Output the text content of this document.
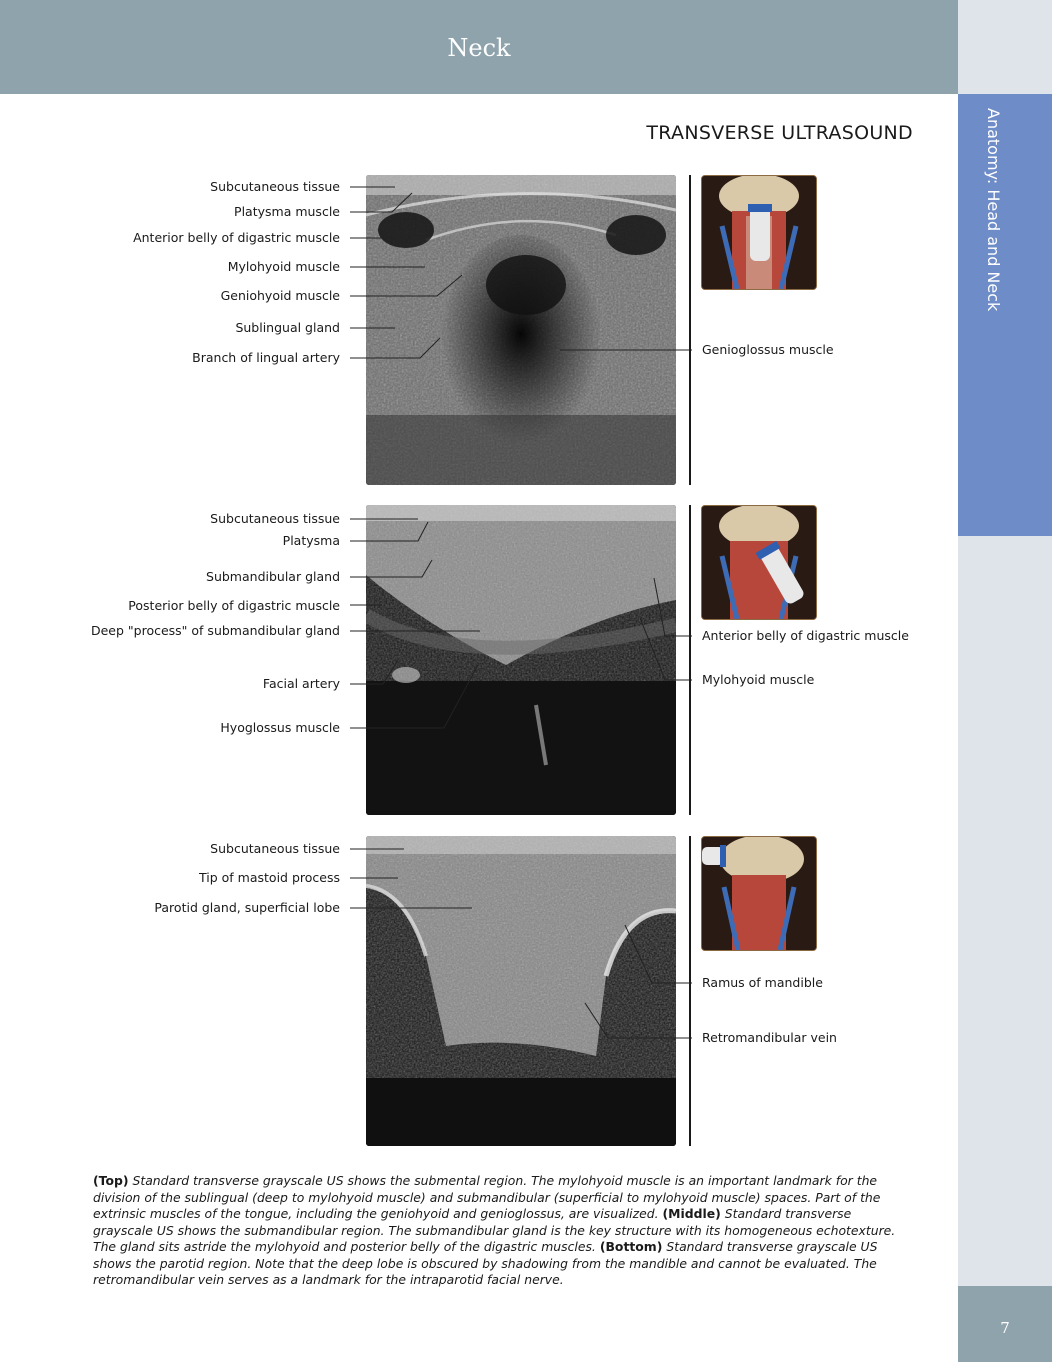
Neck
Anatomy: Head and Neck
7
TRANSVERSE ULTRASOUND
Subcutaneous tissue
Platysma muscle
Anterior belly of digastric muscle
Mylohyoid muscle
Geniohyoid muscle
Sublingual gland
Branch of lingual artery
Genioglossus muscle
Subcutaneous tissue
Platysma
Submandibular gland
Posterior belly of digastric muscle
Deep "process" of submandibular gland
Facial artery
Hyoglossus muscle
Anterior belly of digastric muscle
Mylohyoid muscle
Subcutaneous tissue
Tip of mastoid process
Parotid gland, superficial lobe
Ramus of mandible
Retromandibular vein
(Top) Standard transverse grayscale US shows the submental region. The mylohyoid muscle is an important landmark for the division of the sublingual (deep to mylohyoid muscle) and submandibular (superficial to mylohyoid muscle) spaces. Part of the extrinsic muscles of the tongue, including the geniohyoid and genioglossus, are visualized. (Middle) Standard transverse grayscale US shows the submandibular region. The submandibular gland is the key structure with its homogeneous echotexture. The gland sits astride the mylohyoid and posterior belly of the digastric muscles. (Bottom) Standard transverse grayscale US shows the parotid region. Note that the deep lobe is obscured by shadowing from the mandible and cannot be evaluated. The retromandibular vein serves as a landmark for the intraparotid facial nerve.
